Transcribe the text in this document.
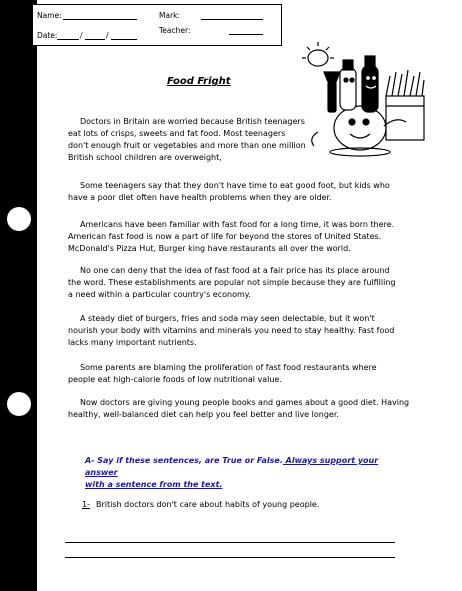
Name:	Mark:
Teacher:
Date:	/	/
Food Fright
Doctors in Britain are worried because British teenagers
eat lots of crisps, sweets and fat food. Most teenagers
don't enough fruit or vegetables and more than one million
British school children are overweight,
Some teenagers say that they don't have time to eat good foot, but kids who
have a poor diet often have health problems when they are older.
Americans have been familiar with fast food for a long time, it was born there.
American fast food is now a part of life for beyond the stores of United States.
McDonald's Pizza Hut, Burger king have restaurants all over the world.
No one can deny that the idea of fast food at a fair price has its place around
the word. These establishments are popular not simple because they are fulfilling
a need within a particular country's economy.
A steady diet of burgers, fries and soda may seen delectable, but it won't
nourish your body with vitamins and minerals you need to stay healthy. Fast food
lacks many important nutrients.
Some parents are blaming the proliferation of fast food restaurants where
people eat high-calorie foods of low nutritional value.
Now doctors are giving young people books and games about a good diet. Having
healthy, well-balanced diet can help you feel better and live longer.
A- Say if these sentences, are True or False. Always support your answer
with a sentence from the text.
1- British doctors don't care about habits of young people.
